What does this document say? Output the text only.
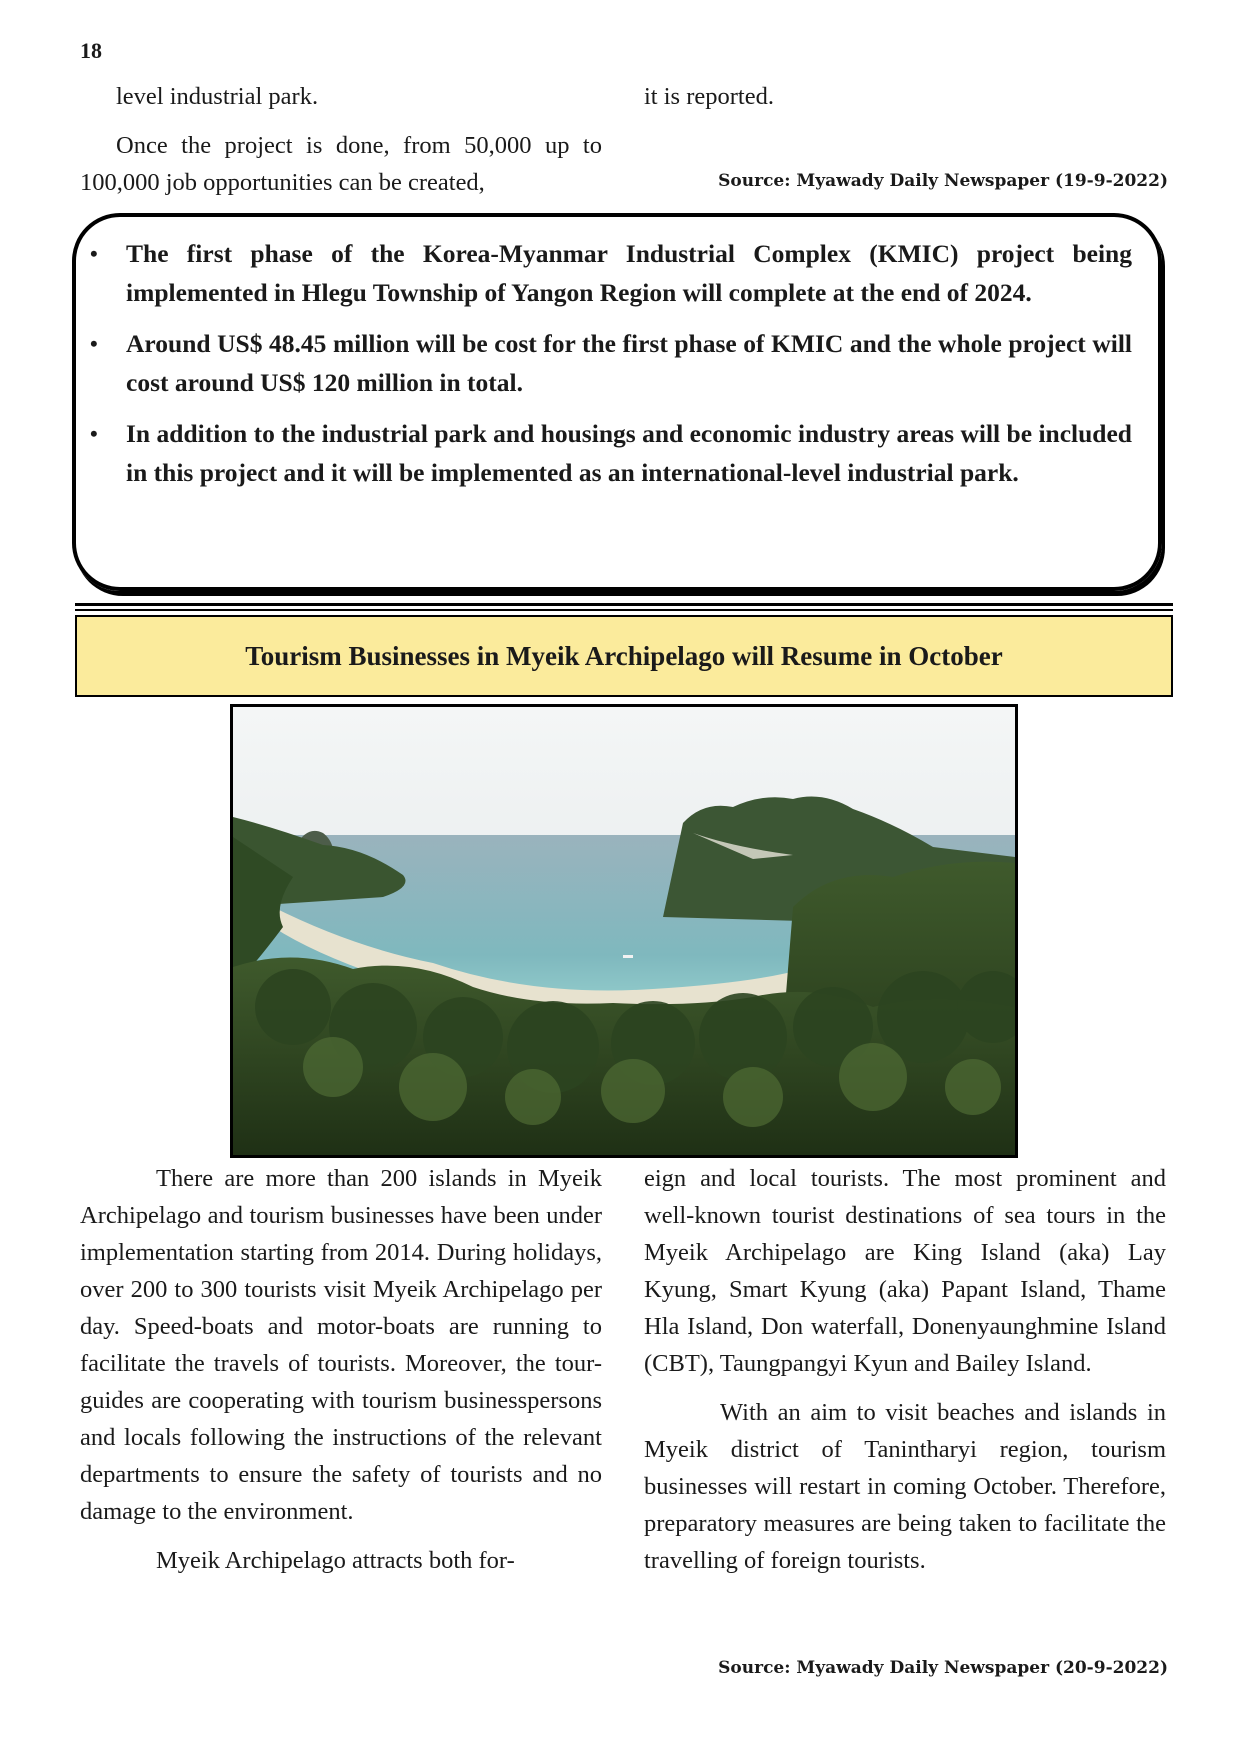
18

level industrial park.

Once the project is done, from 50,000 up to 100,000 job opportunities can be created,

it is reported.

Source: Myawady Daily Newspaper (19-9-2022)
• The first phase of the Korea-Myanmar Industrial Complex (KMIC) project being implemented in Hlegu Township of Yangon Region will complete at the end of 2024.
• Around US$ 48.45 million will be cost for the first phase of KMIC and the whole project will cost around US$ 120 million in total.
• In addition to the industrial park and housings and economic industry areas will be included in this project and it will be implemented as an international-level industrial park.
Tourism Businesses in Myeik Archipelago will Resume in October

There are more than 200 islands in Myeik Archipelago and tourism businesses have been under implementation starting from 2014. During holidays, over 200 to 300 tourists visit Myeik Archipelago per day. Speed-boats and motor-boats are running to facilitate the travels of tourists. Moreover, the tour-guides are cooperating with tourism businesspersons and locals following the instructions of the relevant departments to ensure the safety of tourists and no damage to the environment.

Myeik Archipelago attracts both for-

eign and local tourists. The most prominent and well-known tourist destinations of sea tours in the Myeik Archipelago are King Island (aka) Lay Kyung, Smart Kyung (aka) Papant Island, Thame Hla Island, Don waterfall, Donenyaunghmine Island (CBT), Taungpangyi Kyun and Bailey Island.

With an aim to visit beaches and islands in Myeik district of Tanintharyi region, tourism businesses will restart in coming October. Therefore, preparatory measures are being taken to facilitate the travelling of foreign tourists.

Source: Myawady Daily Newspaper (20-9-2022)
